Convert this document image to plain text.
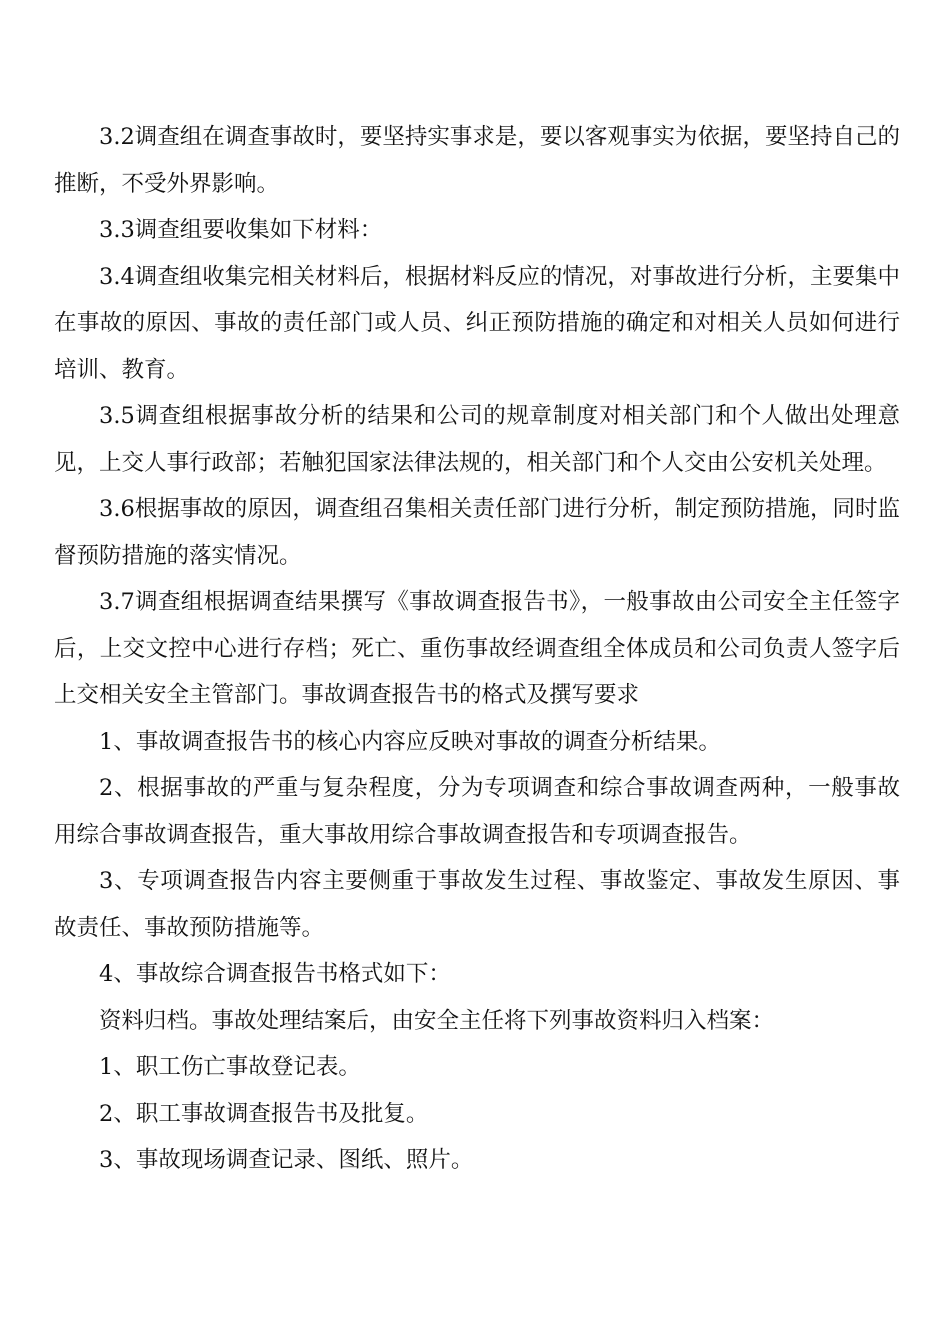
3.2调查组在调查事故时，要坚持实事求是，要以客观事实为依据，要坚持自己的推断，不受外界影响。

3.3调查组要收集如下材料：

3.4调查组收集完相关材料后，根据材料反应的情况，对事故进行分析，主要集中在事故的原因、事故的责任部门或人员、纠正预防措施的确定和对相关人员如何进行培训、教育。

3.5调查组根据事故分析的结果和公司的规章制度对相关部门和个人做出处理意见，上交人事行政部；若触犯国家法律法规的，相关部门和个人交由公安机关处理。

3.6根据事故的原因，调查组召集相关责任部门进行分析，制定预防措施，同时监督预防措施的落实情况。

3.7调查组根据调查结果撰写《事故调查报告书》，一般事故由公司安全主任签字后，上交文控中心进行存档；死亡、重伤事故经调查组全体成员和公司负责人签字后上交相关安全主管部门。事故调查报告书的格式及撰写要求

1、事故调查报告书的核心内容应反映对事故的调查分析结果。

2、根据事故的严重与复杂程度，分为专项调查和综合事故调查两种，一般事故用综合事故调查报告，重大事故用综合事故调查报告和专项调查报告。

3、专项调查报告内容主要侧重于事故发生过程、事故鉴定、事故发生原因、事故责任、事故预防措施等。

4、事故综合调查报告书格式如下：

资料归档。事故处理结案后，由安全主任将下列事故资料归入档案：

1、职工伤亡事故登记表。

2、职工事故调查报告书及批复。

3、事故现场调查记录、图纸、照片。
